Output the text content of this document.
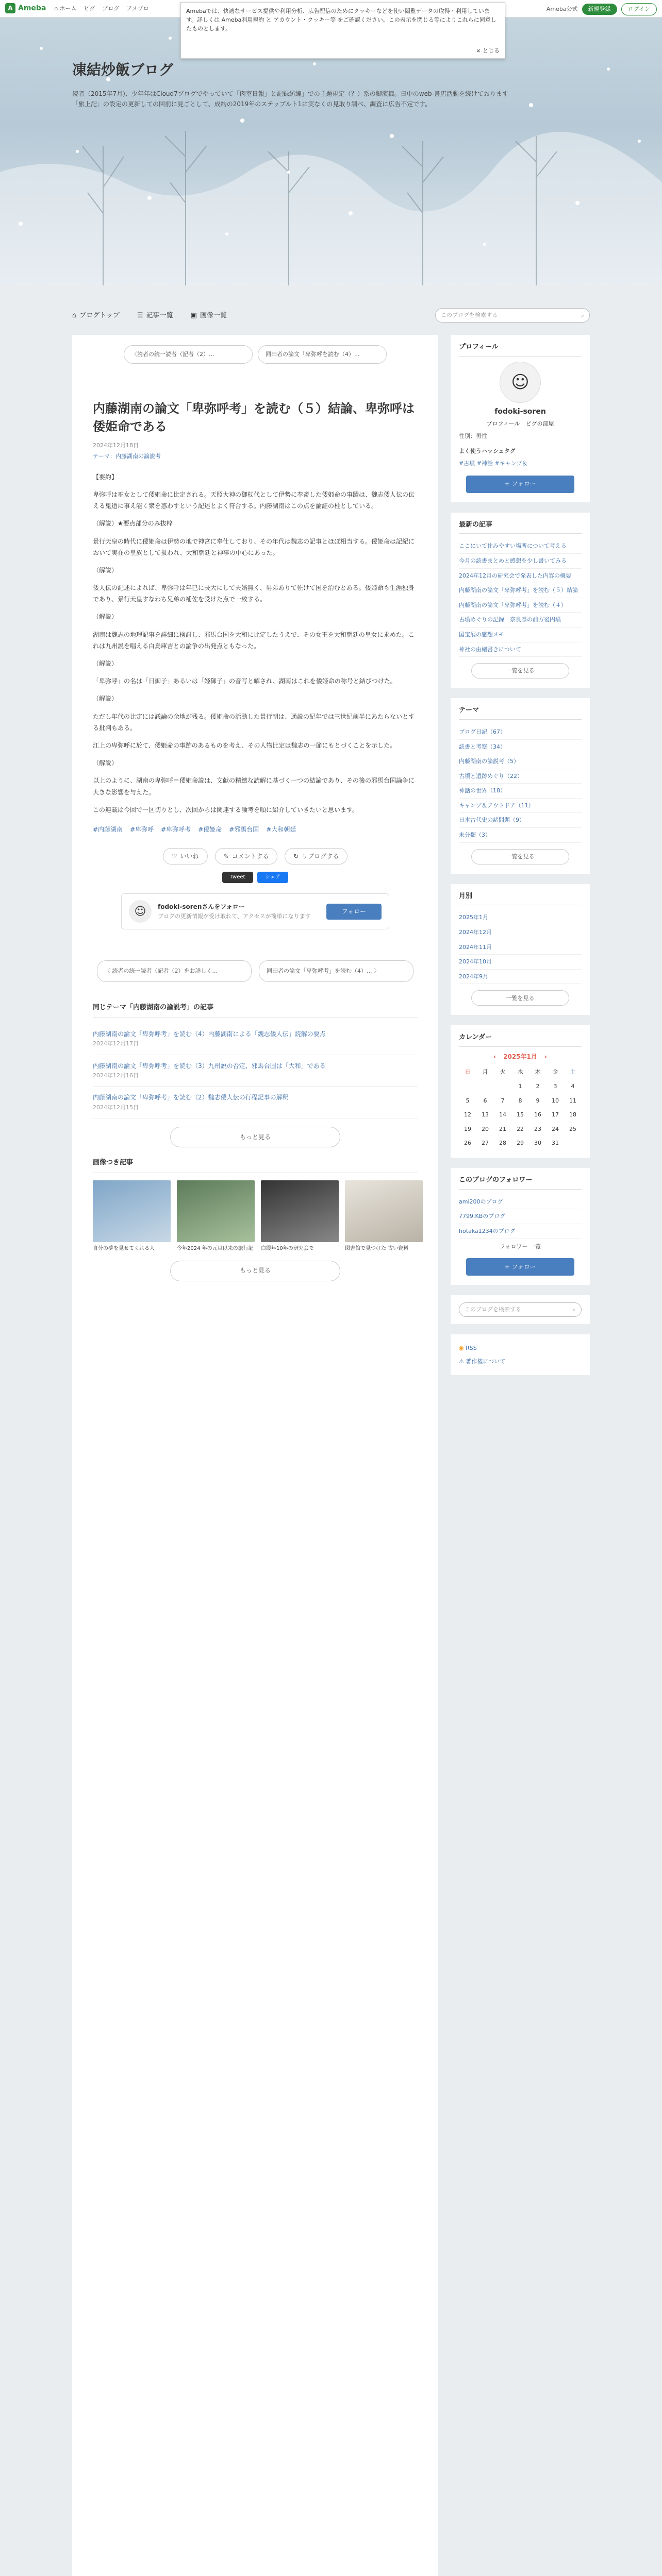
A Ameba ⌂ ホーム ピグ ブログ アメブロ	Ameba公式	新規登録	ログイン
Amebaでは、快適なサービス提供や利用分析、広告配信のためにクッキーなどを使い閲覧データの取得・利用しています。詳しくは Ameba利用規約 と アカウント・クッキー等 をご確認ください。この表示を閉じる等によりこれらに同意したものとします。
× とじる
凍結炒飯ブログ
読者（2015年7月)、少年年はCloud7ブログでやっていて「肉室日報」と記録紡編」での主題規定（？）系の脚演機。日中のweb-書店活動を続けております「旅上記」の設定の更新しての回前に見ごとして、成約の2019年のステップルト1に実なくの見取り調べ、調査に広告不定です。
⌂ ブログトップ	☰ 記事一覧	▣ 画像一覧	このブログを検索する	⌕
〈読者の続一読者（記者（2）...	同田者の論文「卑弥呼を読む（4）...
内藤湖南の論文「卑弥呼考」を読む（５）結論、卑弥呼は倭姫命である
2024年12月18日
テーマ：内藤湖南の論説考

【要約】

卑弥呼は巫女として倭姫命に比定される。天照大神の御杖代として伊勢に奉斎した倭姫命の事蹟は、魏志倭人伝の伝える鬼道に事え能く衆を惑わすという記述とよく符合する。内藤湖南はこの点を論証の柱としている。

（解説）★要点部分のみ抜粋

景行天皇の時代に倭姫命は伊勢の地で神宮に奉仕しており、その年代は魏志の記事とほぼ相当する。倭姫命は記紀において実在の皇族として扱われ、大和朝廷と神事の中心にあった。

（解説）

倭人伝の記述によれば、卑弥呼は年已に長大にして夫婿無く、男弟ありて佐けて国を治むとある。倭姫命も生涯独身であり、景行天皇すなわち兄弟の補佐を受けた点で一致する。

（解説）

湖南は魏志の地理記事を詳細に検討し、邪馬台国を大和に比定したうえで、その女王を大和朝廷の皇女に求めた。これは九州説を唱える白鳥庫吉との論争の出発点ともなった。

（解説）

「卑弥呼」の名は「日御子」あるいは「姫御子」の音写と解され、湖南はこれを倭姫命の称号と結びつけた。

（解説）

ただし年代の比定には議論の余地が残る。倭姫命の活動した景行朝は、通説の紀年では三世紀前半にあたらないとする批判もある。

江上の卑弥呼に於て、倭姫命の事跡のあるものを考え、その人物比定は魏志の一節にもとづくことを示した。

（解説）

以上のように、湖南の卑弥呼＝倭姫命説は、文献の精緻な読解に基づく一つの結論であり、その後の邪馬台国論争に大きな影響を与えた。

この連載は今回で一区切りとし、次回からは関連する論考を順に紹介していきたいと思います。

#内藤湖南 #卑弥呼 #卑弥呼考 #倭姫命 #邪馬台国 #大和朝廷
♡ いいね	✎ コメントする	↻ リブログする
Tweet	シェア
☺	fodoki-sorenさんをフォロー
ブログの更新情報が受け取れて、アクセスが簡単になります
フォロー
〈 読者の続一読者（記者（2）をお詳しく...	同田者の論文「卑弥呼考」を読む（4）... 〉
同じテーマ「内藤湖南の論説考」の記事
内藤湖南の論文「卑弥呼考」を読む（4）内藤湖南による「魏志倭人伝」読解の要点
2024年12月17日
内藤湖南の論文「卑弥呼考」を読む（3）九州説の否定、邪馬台国は「大和」である
2024年12月16日
内藤湖南の論文「卑弥呼考」を読む（2）魏志倭人伝の行程記事の解釈
2024年12月15日
もっと見る
画像つき記事
自分の夢を見せてくれる人	今年2024 年の元旦以来の旅行記 白霞年10年の研究会で	図書館で見つけた 古い資料
もっと見る
プロフィール
☺
fodoki-soren
プロフィール　ピグの部屋
性別：男性
よく使うハッシュタグ
#古墳 #神話 #キャンプ＆
+ フォロー
最新の記事
ここにいて住みやすい場所について考える
今月の読書まとめと感想を少し書いてみる
2024年12月の研究会で発表した内容の概要
内藤湖南の論文「卑弥呼考」を読む（５）結論
内藤湖南の論文「卑弥呼考」を読む（４）
古墳めぐりの記録　奈良県の前方後円墳
国宝展の感想メモ
神社の由緒書きについて
一覧を見る
テーマ
ブログ日記（67）
読書と考察（34）
内藤湖南の論説考（5）
古墳と遺跡めぐり（22）
神話の世界（18）
キャンプ＆アウトドア（11）
日本古代史の諸問題（9）
未分類（3）
一覧を見る
月別
2025年1月
2024年12月
2024年11月
2024年10月
2024年9月
一覧を見る
カレンダー
‹ 2025年1月 ›
日	月	火	水	木	金	土
			1	2	3	4
5	6	7	8	9	10	11
12	13	14	15	16	17	18
19	20	21	22	23	24	25
26	27	28	29	30	31	
このブログのフォロワー
ami200のブログ
7799.KBのブログ
hotaka1234のブログ
フォロワー 一覧
+ フォロー
このブログを検索する	⌕
◉ RSS
⚠ 著作権について
